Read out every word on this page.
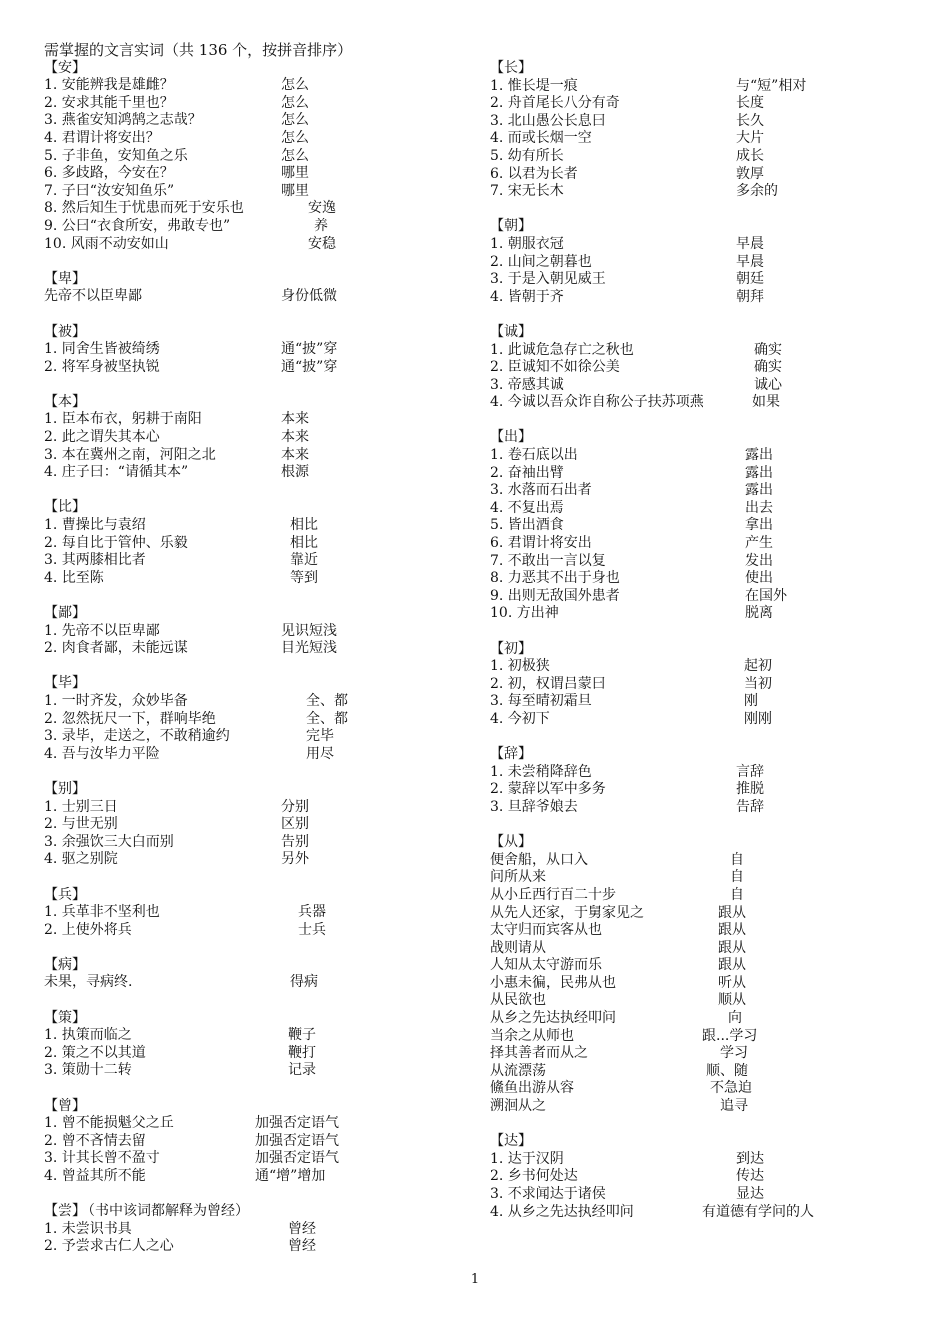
需掌握的文言实词（共 136 个，按拼音排序）
【安】
1. 安能辨我是雄雌？	怎么
2. 安求其能千里也？	怎么
3. 燕雀安知鸿鹄之志哉？	怎么
4. 君谓计将安出？	怎么
5. 子非鱼，安知鱼之乐	怎么
6. 多歧路，今安在？	哪里
7. 子曰“汝安知鱼乐”	哪里
8. 然后知生于忧患而死于安乐也	安逸
9. 公曰“衣食所安，弗敢专也”	养
10. 风雨不动安如山	安稳
【卑】
先帝不以臣卑鄙	身份低微
【被】
1. 同舍生皆被绮绣	通“披”穿
2. 将军身被坚执锐	通“披”穿
【本】
1. 臣本布衣，躬耕于南阳	本来
2. 此之谓失其本心	本来
3. 本在冀州之南，河阳之北	本来
4. 庄子曰：“请循其本”	根源
【比】
1. 曹操比与袁绍	相比
2. 每自比于管仲、乐毅	相比
3. 其两膝相比者	靠近
4. 比至陈	等到
【鄙】
1. 先帝不以臣卑鄙	见识短浅
2. 肉食者鄙，未能远谋	目光短浅
【毕】
1. 一时齐发，众妙毕备	全、都
2. 忽然抚尺一下，群响毕绝	全、都
3. 录毕，走送之，不敢稍逾约	完毕
4. 吾与汝毕力平险	用尽
【别】
1. 士别三日	分别
2. 与世无别	区别
3. 余强饮三大白而别	告别
4. 驱之别院	另外
【兵】
1. 兵革非不坚利也	兵器
2. 上使外将兵	士兵
【病】
未果，寻病终.	得病
【策】
1. 执策而临之	鞭子
2. 策之不以其道	鞭打
3. 策勋十二转	记录
【曾】
1. 曾不能损魁父之丘	加强否定语气
2. 曾不吝情去留	加强否定语气
3. 计其长曾不盈寸	加强否定语气
4. 曾益其所不能	通“增”增加
【尝】 （书中该词都解释为曾经）
1. 未尝识书具	曾经
2. 予尝求古仁人之心	曾经
【长】
1. 惟长堤一痕	与“短”相对
2. 舟首尾长八分有奇	长度
3. 北山愚公长息曰	长久
4. 而或长烟一空	大片
5. 幼有所长	成长
6. 以君为长者	敦厚
7. 宋无长木	多余的
【朝】
1. 朝服衣冠	早晨
2. 山间之朝暮也	早晨
3. 于是入朝见威王	朝廷
4. 皆朝于齐	朝拜
【诚】
1. 此诚危急存亡之秋也	确实
2. 臣诚知不如徐公美	确实
3. 帝感其诚	诚心
4. 今诚以吾众诈自称公子扶苏项燕	如果
【出】
1. 卷石底以出	露出
2. 奋袖出臂	露出
3. 水落而石出者	露出
4. 不复出焉	出去
5. 皆出酒食	拿出
6. 君谓计将安出	产生
7. 不敢出一言以复	发出
8. 力恶其不出于身也	使出
9. 出则无敌国外患者	在国外
10. 方出神	脱离
【初】
1. 初极狭	起初
2. 初，权谓吕蒙曰	当初
3. 每至晴初霜旦	刚
4. 今初下	刚刚
【辞】
1. 未尝稍降辞色	言辞
2. 蒙辞以军中多务	推脱
3. 旦辞爷娘去	告辞
【从】
便舍船，从口入	自
问所从来	自
从小丘西行百二十步	自
从先人还家，于舅家见之	跟从
太守归而宾客从也	跟从
战则请从	跟从
人知从太守游而乐	跟从
小惠未徧，民弗从也	听从
从民欲也	顺从
从乡之先达执经叩问	向
当余之从师也	跟...学习
择其善者而从之	学习
从流漂荡	顺、随
鯈鱼出游从容	不急迫
溯洄从之	追寻
【达】
1. 达于汉阴	到达
2. 乡书何处达	传达
3. 不求闻达于诸侯	显达
4. 从乡之先达执经叩问	有道德有学问的人
1
